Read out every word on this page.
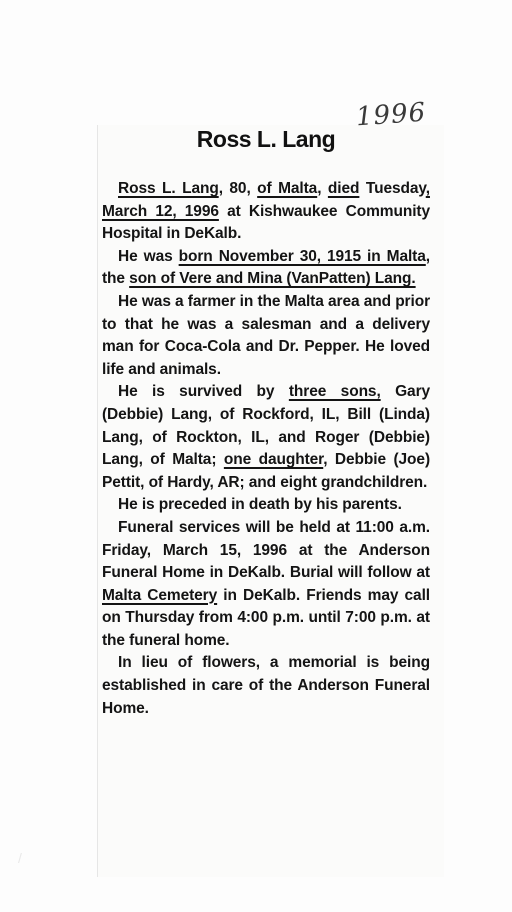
1996
Ross L. Lang

Ross L. Lang, 80, of Malta, died Tuesday, March 12, 1996 at Kishwaukee Community Hospital in DeKalb.

He was born November 30, 1915 in Malta, the son of Vere and Mina (VanPatten) Lang.

He was a farmer in the Malta area and prior to that he was a salesman and a delivery man for Coca-Cola and Dr. Pepper. He loved life and animals.

He is survived by three sons, Gary (Debbie) Lang, of Rockford, IL, Bill (Linda) Lang, of Rockton, IL, and Roger (Debbie) Lang, of Malta; one daughter, Debbie (Joe) Pettit, of Hardy, AR; and eight grandchildren.

He is preceded in death by his parents.

Funeral services will be held at 11:00 a.m. Friday, March 15, 1996 at the Anderson Funeral Home in DeKalb. Burial will follow at Malta Cemetery in DeKalb. Friends may call on Thursday from 4:00 p.m. until 7:00 p.m. at the funeral home.

In lieu of flowers, a memorial is being established in care of the Anderson Funeral Home.

/
